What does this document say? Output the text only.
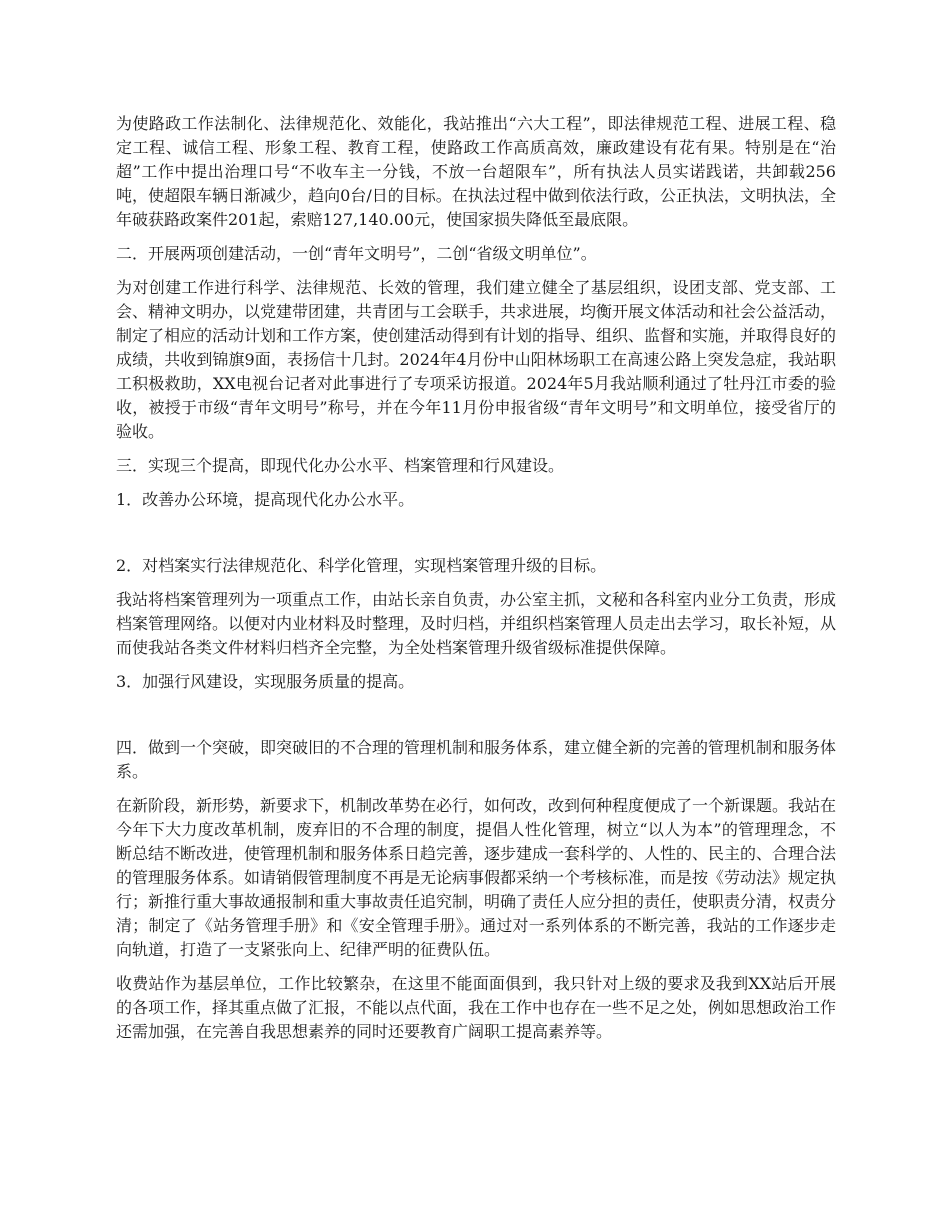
为使路政工作法制化、法律规范化、效能化，我站推出“六大工程”，即法律规范工程、进展工程、稳定工程、诚信工程、形象工程、教育工程，使路政工作高质高效，廉政建设有花有果。特别是在“治超”工作中提出治理口号“不收车主一分钱，不放一台超限车”，所有执法人员实诺践诺，共卸载256吨，使超限车辆日渐减少，趋向0台/日的目标。在执法过程中做到依法行政，公正执法，文明执法，全年破获路政案件201起，索赔127,140.00元，使国家损失降低至最底限。

二．开展两项创建活动，一创“青年文明号”，二创“省级文明单位”。

为对创建工作进行科学、法律规范、长效的管理，我们建立健全了基层组织，设团支部、党支部、工会、精神文明办，以党建带团建，共青团与工会联手，共求进展，均衡开展文体活动和社会公益活动，制定了相应的活动计划和工作方案，使创建活动得到有计划的指导、组织、监督和实施，并取得良好的成绩，共收到锦旗9面，表扬信十几封。2024年4月份中山阳林场职工在高速公路上突发急症，我站职工积极救助，XX电视台记者对此事进行了专项采访报道。2024年5月我站顺利通过了牡丹江市委的验收，被授于市级“青年文明号”称号，并在今年11月份申报省级“青年文明号”和文明单位，接受省厅的验收。

三．实现三个提高，即现代化办公水平、档案管理和行风建设。

1．改善办公环境，提高现代化办公水平。

2．对档案实行法律规范化、科学化管理，实现档案管理升级的目标。

我站将档案管理列为一项重点工作，由站长亲自负责，办公室主抓，文秘和各科室内业分工负责，形成档案管理网络。以便对内业材料及时整理，及时归档，并组织档案管理人员走出去学习，取长补短，从而使我站各类文件材料归档齐全完整，为全处档案管理升级省级标准提供保障。

3．加强行风建设，实现服务质量的提高。

四．做到一个突破，即突破旧的不合理的管理机制和服务体系，建立健全新的完善的管理机制和服务体系。

在新阶段，新形势，新要求下，机制改革势在必行，如何改，改到何种程度便成了一个新课题。我站在今年下大力度改革机制，废弃旧的不合理的制度，提倡人性化管理，树立“以人为本”的管理理念，不断总结不断改进，使管理机制和服务体系日趋完善，逐步建成一套科学的、人性的、民主的、合理合法的管理服务体系。如请销假管理制度不再是无论病事假都采纳一个考核标准，而是按《劳动法》规定执行；新推行重大事故通报制和重大事故责任追究制，明确了责任人应分担的责任，使职责分清，权责分清；制定了《站务管理手册》和《安全管理手册》。通过对一系列体系的不断完善，我站的工作逐步走向轨道，打造了一支紧张向上、纪律严明的征费队伍。

收费站作为基层单位，工作比较繁杂，在这里不能面面俱到，我只针对上级的要求及我到XX站后开展的各项工作，择其重点做了汇报，不能以点代面，我在工作中也存在一些不足之处，例如思想政治工作还需加强，在完善自我思想素养的同时还要教育广阔职工提高素养等。
